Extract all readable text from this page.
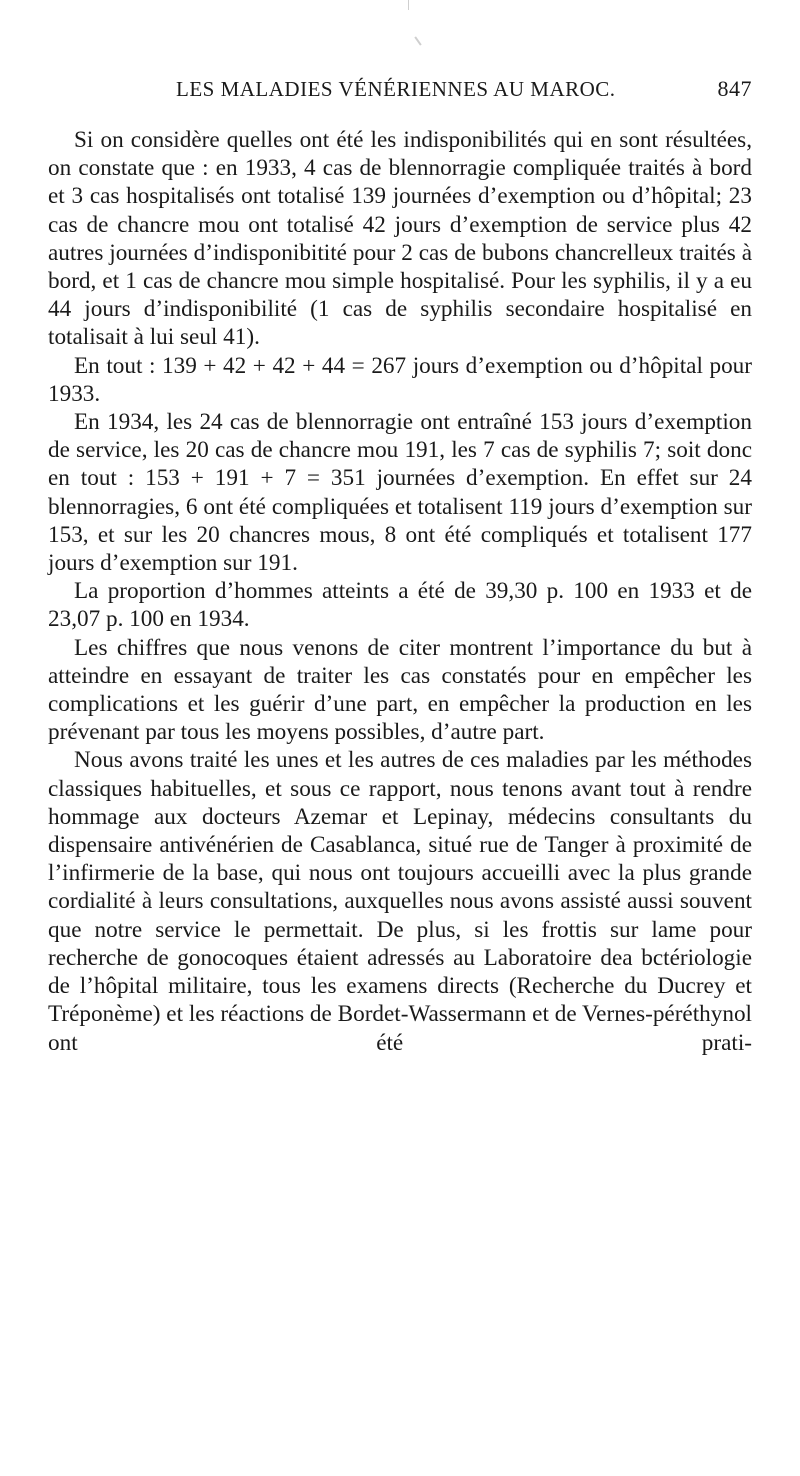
LES MALADIES VÉNÉRIENNES AU MAROC.	847

Si on considère quelles ont été les indisponibilités qui en sont résultées, on constate que : en 1933, 4 cas de blennorragie compliquée traités à bord et 3 cas hospitalisés ont totalisé 139 journées d’exemption ou d’hôpital; 23 cas de chancre mou ont totalisé 42 jours d’exemption de service plus 42 autres journées d’indisponibitité pour 2 cas de bubons chancrelleux traités à bord, et 1 cas de chancre mou simple hospitalisé. Pour les syphilis, il y a eu 44 jours d’indisponibilité (1 cas de syphilis secondaire hospitalisé en totalisait à lui seul 41).

En tout : 139 + 42 + 42 + 44 = 267 jours d’exemption ou d’hôpital pour 1933.

En 1934, les 24 cas de blennorragie ont entraîné 153 jours d’exemption de service, les 20 cas de chancre mou 191, les 7 cas de syphilis 7; soit donc en tout : 153 + 191 + 7 = 351 journées d’exemption. En effet sur 24 blennorragies, 6 ont été compliquées et totalisent 119 jours d’exemption sur 153, et sur les 20 chancres mous, 8 ont été compliqués et totalisent 177 jours d’exemption sur 191.

La proportion d’hommes atteints a été de 39,30 p. 100 en 1933 et de 23,07 p. 100 en 1934.

Les chiffres que nous venons de citer montrent l’importance du but à atteindre en essayant de traiter les cas constatés pour en empêcher les complications et les guérir d’une part, en empêcher la production en les prévenant par tous les moyens possibles, d’autre part.

Nous avons traité les unes et les autres de ces maladies par les méthodes classiques habituelles, et sous ce rapport, nous tenons avant tout à rendre hommage aux docteurs Azemar et Lepinay, médecins consultants du dispensaire antivénérien de Casablanca, situé rue de Tanger à proximité de l’infirmerie de la base, qui nous ont toujours accueilli avec la plus grande cordialité à leurs consultations, auxquelles nous avons assisté aussi souvent que notre service le permettait. De plus, si les frottis sur lame pour recherche de gonocoques étaient adressés au Laboratoire dea bctériologie de l’hôpital militaire, tous les examens directs (Recherche du Ducrey et Tréponème) et les réactions de Bordet-Wassermann et de Vernes-péréthynol ont été prati-
